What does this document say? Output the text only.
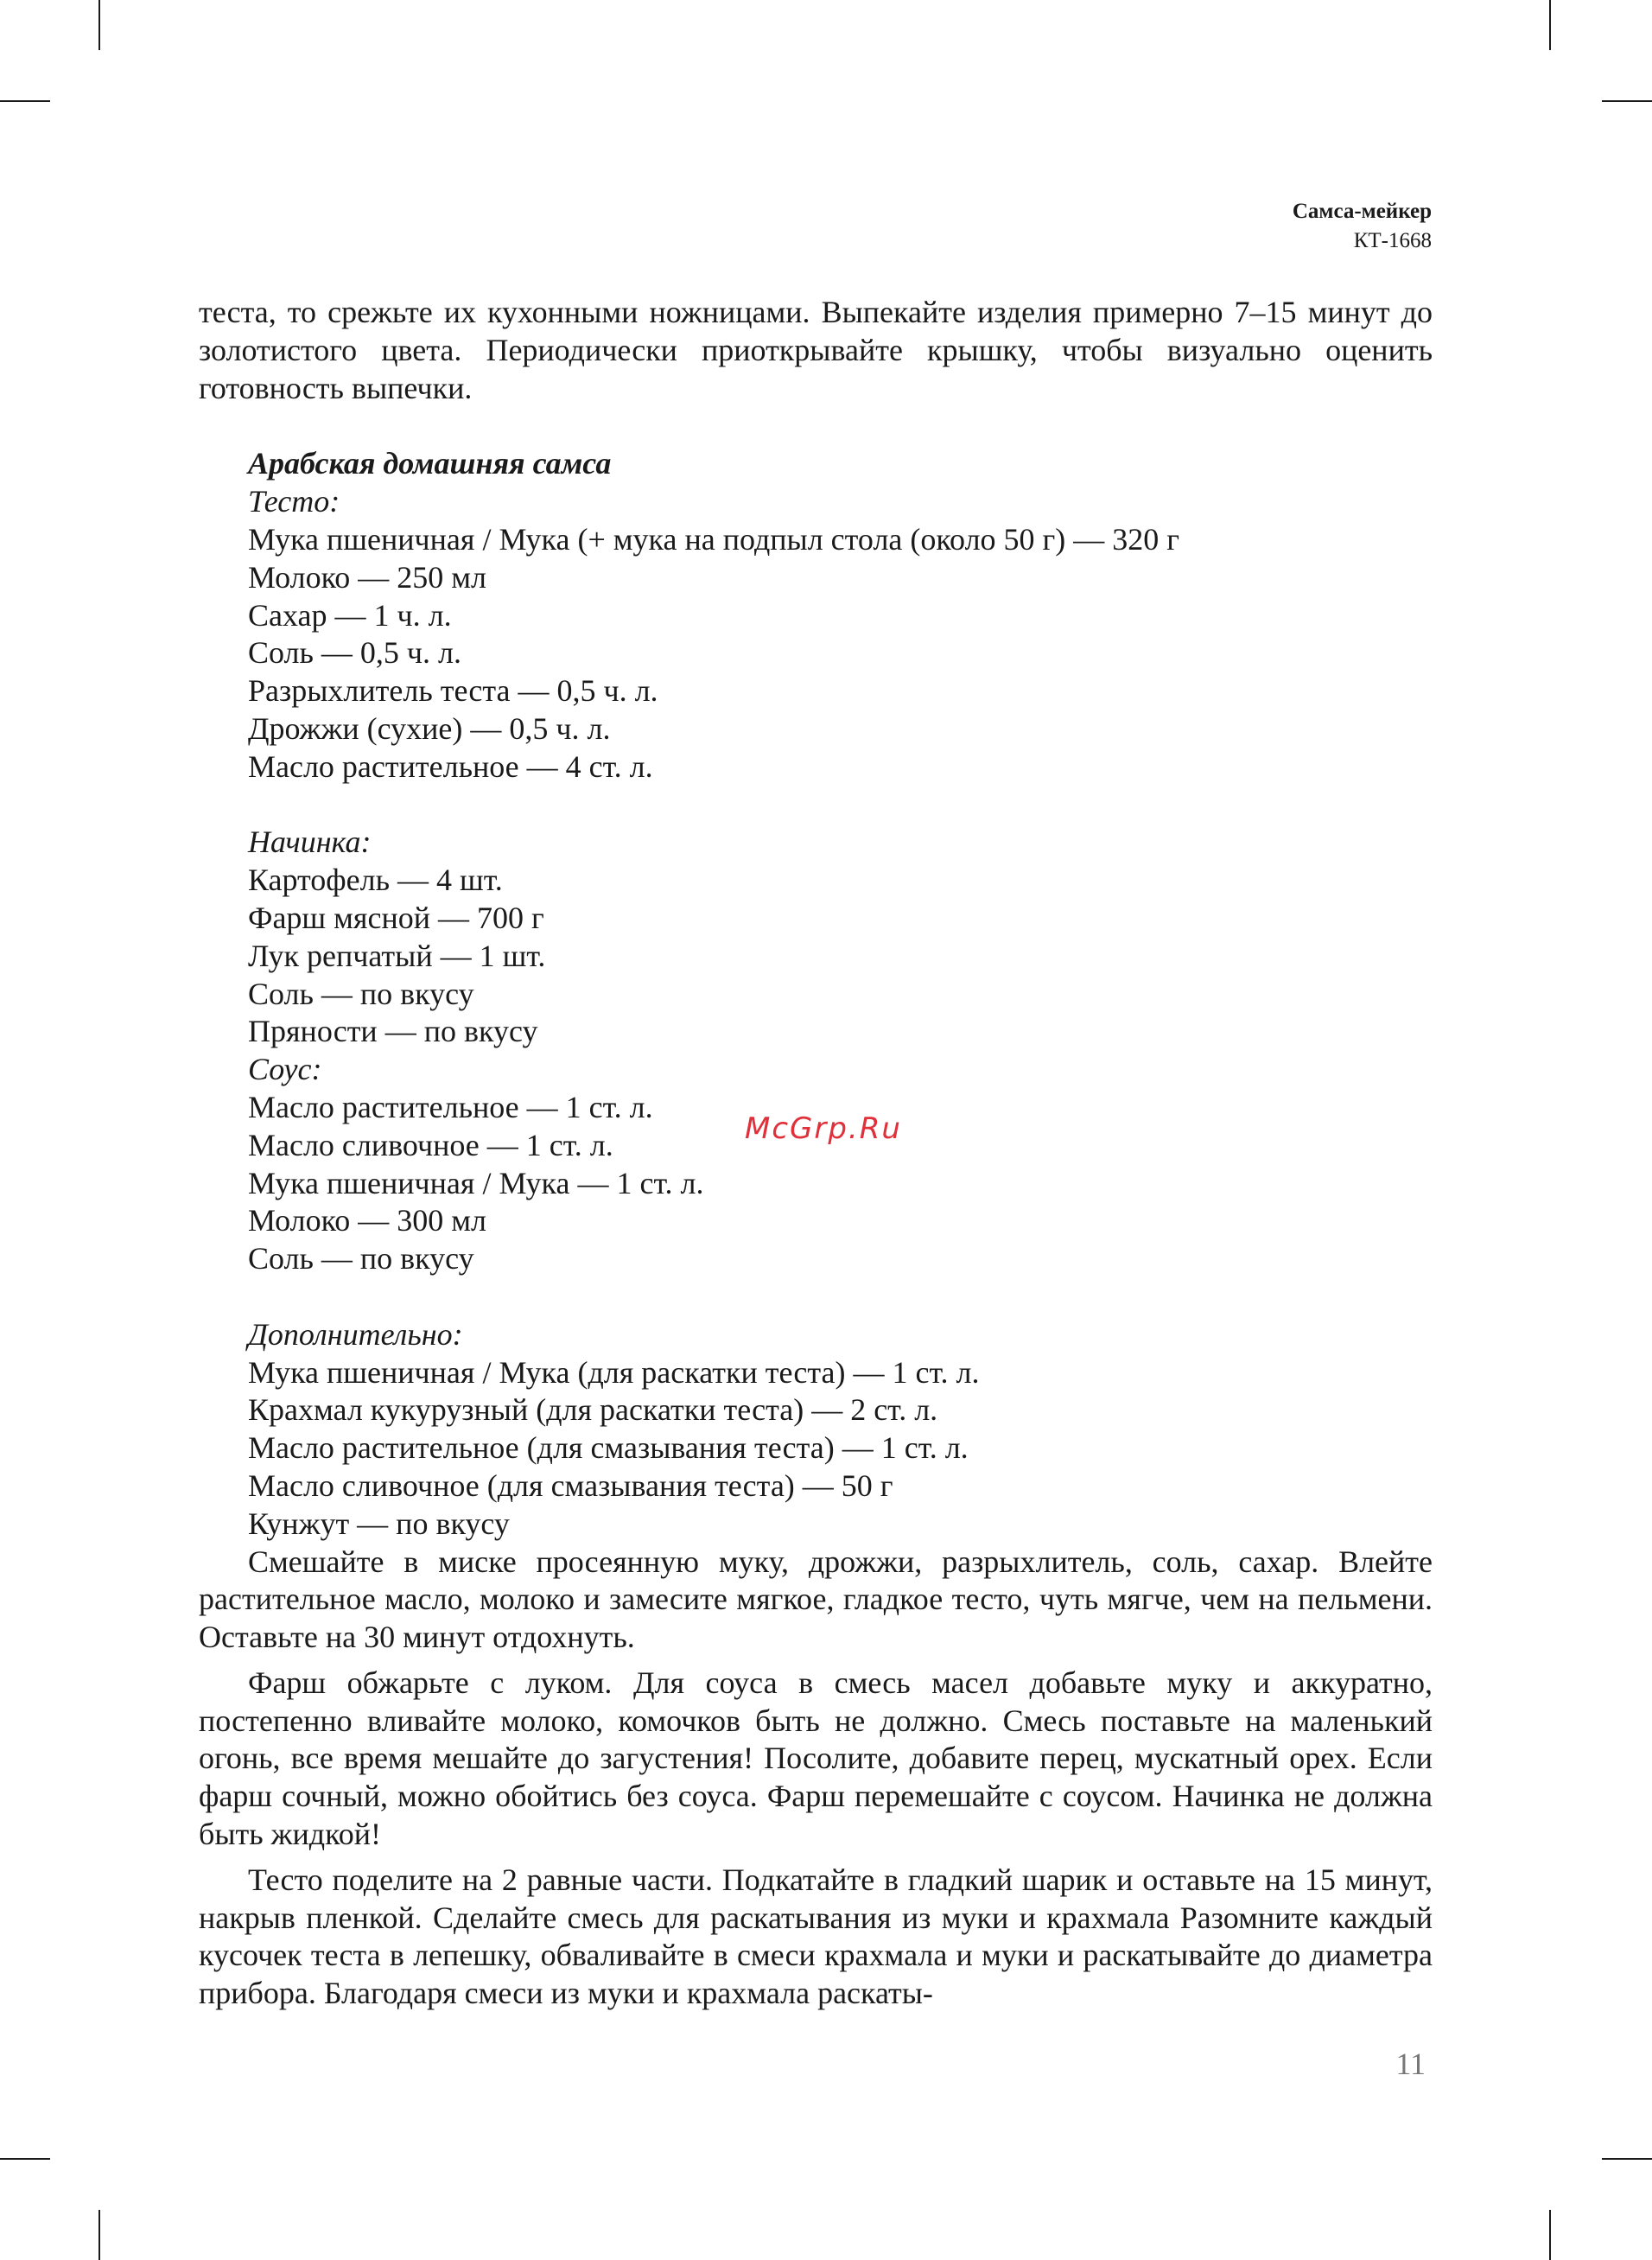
Самса-мейкер
КТ-1668

теста, то срежьте их кухонными ножницами. Выпекайте изделия примерно 7–15 минут до золотистого цвета. Периодически приоткрывайте крышку, чтобы визуально оценить готовность выпечки.

Арабская домашняя самса
Тесто:
Мука пшеничная / Мука (+ мука на подпыл стола (около 50 г) — 320 г
Молоко — 250 мл
Сахар — 1 ч. л.
Соль — 0,5 ч. л.
Разрыхлитель теста — 0,5 ч. л.
Дрожжи (сухие) — 0,5 ч. л.
Масло растительное — 4 ст. л.
Начинка:
Картофель — 4 шт.
Фарш мясной — 700 г
Лук репчатый — 1 шт.
Соль — по вкусу
Пряности — по вкусу
Соус:
Масло растительное — 1 ст. л.
Масло сливочное — 1 ст. л.
Мука пшеничная / Мука — 1 ст. л.
Молоко — 300 мл
Соль — по вкусу
Дополнительно:
Мука пшеничная / Мука (для раскатки теста) — 1 ст. л.
Крахмал кукурузный (для раскатки теста) — 2 ст. л.
Масло растительное (для смазывания теста) — 1 ст. л.
Масло сливочное (для смазывания теста) — 50 г
Кунжут — по вкусу

Смешайте в миске просеянную муку, дрожжи, разрыхлитель, соль, сахар. Влейте растительное масло, молоко и замесите мягкое, гладкое тесто, чуть мягче, чем на пельмени. Оставьте на 30 минут отдохнуть.

Фарш обжарьте с луком. Для соуса в смесь масел добавьте муку и аккуратно, постепенно вливайте молоко, комочков быть не должно. Смесь поставьте на маленький огонь, все время мешайте до загустения! Посолите, добавите перец, мускатный орех. Если фарш сочный, можно обойтись без соуса. Фарш перемешайте с соусом. Начинка не должна быть жидкой!

Тесто поделите на 2 равные части. Подкатайте в гладкий шарик и оставьте на 15 минут, накрыв пленкой. Сделайте смесь для раскатывания из муки и крахмала Разомните каждый кусочек теста в лепешку, обваливайте в смеси крахмала и муки и раскатывайте до диаметра прибора. Благодаря смеси из муки и крахмала раскаты-

McGrp.Ru
11
